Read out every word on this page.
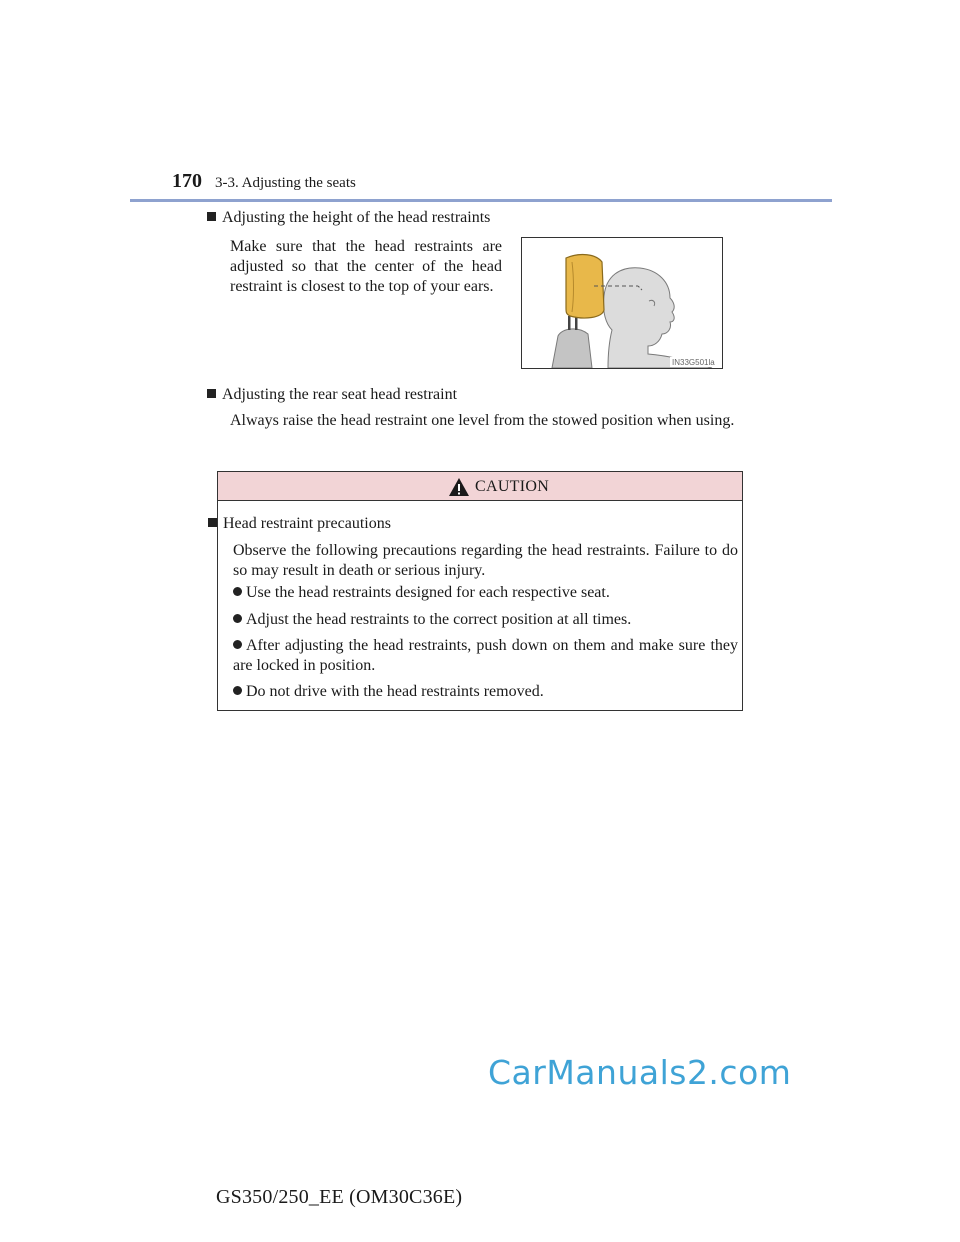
170 3-3. Adjusting the seats
Adjusting the height of the head restraints
Make sure that the head restraints are adjusted so that the center of the head restraint is closest to the top of your ears.
IN33G501la
Adjusting the rear seat head restraint
Always raise the head restraint one level from the stowed position when using.
CAUTION
Head restraint precautions
Observe the following precautions regarding the head restraints. Failure to do so may result in death or serious injury.
Use the head restraints designed for each respective seat.
Adjust the head restraints to the correct position at all times.
After adjusting the head restraints, push down on them and make sure they are locked in position.
Do not drive with the head restraints removed.
CarManuals2.com
GS350/250_EE (OM30C36E)
